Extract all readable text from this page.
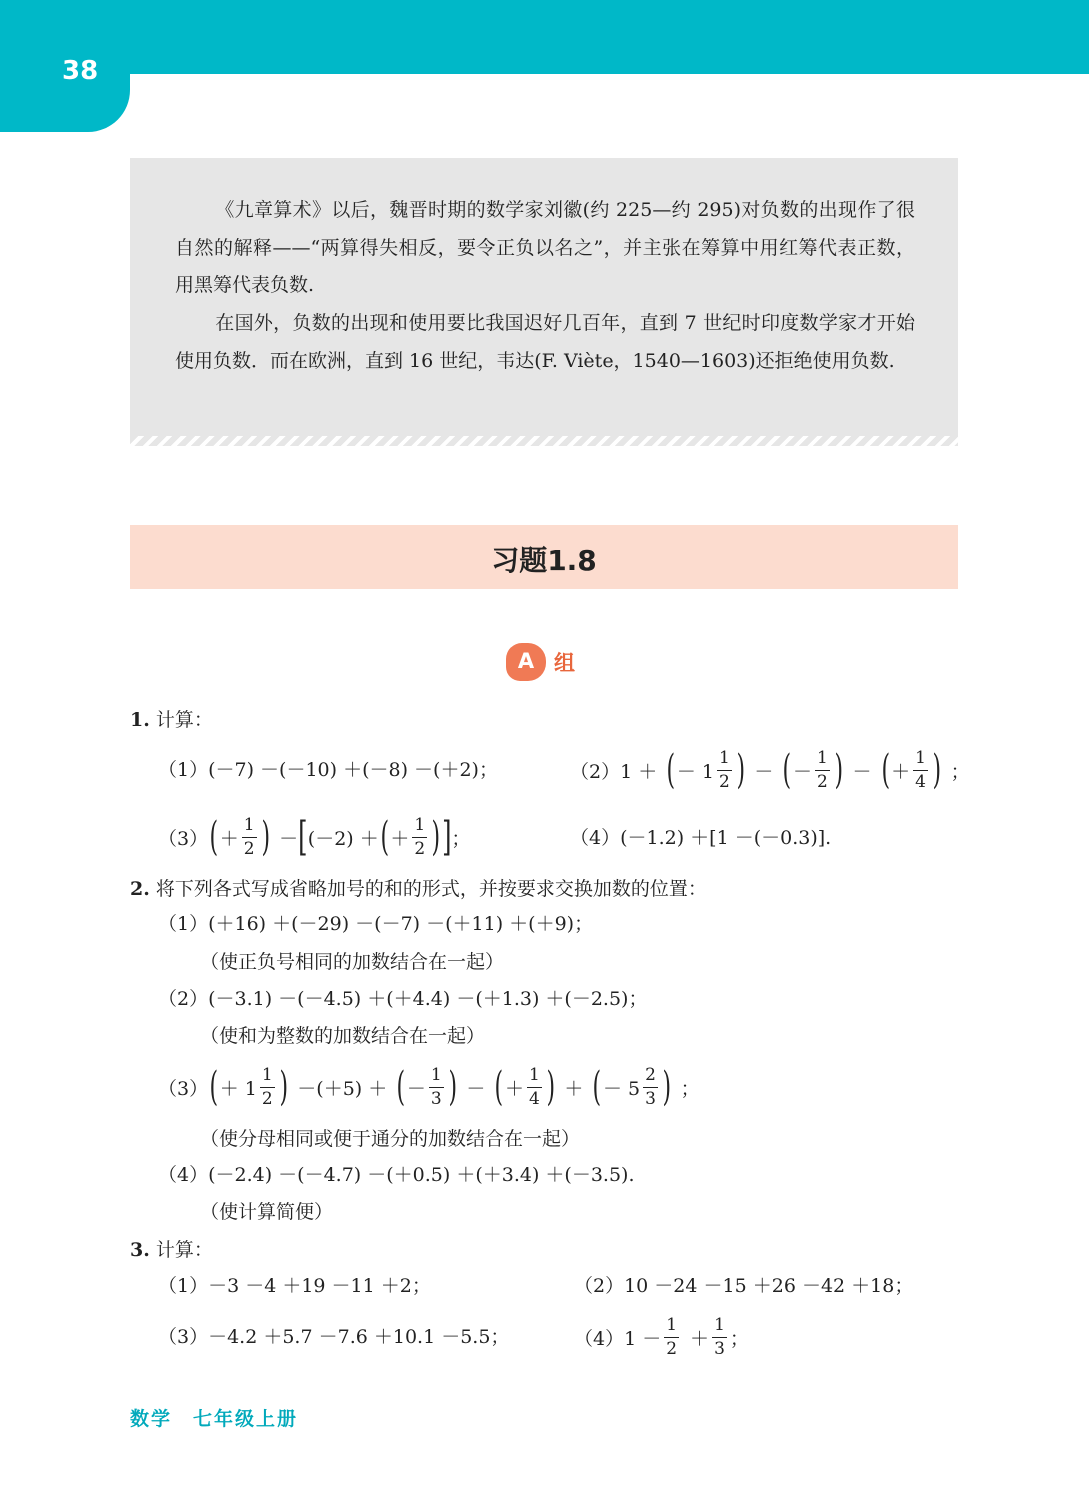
38
《九章算术》以后，魏晋时期的数学家刘徽(约 225—约 295)对负数的出现作了很自然的解释——“两算得失相反，要令正负以名之”，并主张在筹算中用红筹代表正数，用黑筹代表负数.
在国外，负数的出现和使用要比我国迟好几百年，直到 7 世纪时印度数学家才开始使用负数．而在欧洲，直到 16 世纪，韦达(F. Viète，1540—1603)还拒绝使用负数.
习题1.8
A 组
1. 计算：
（1）(－7) －(－10) ＋(－8) －(＋2)；	（2）1 ＋ ( － $1 \frac{1}{2}$ ) － ( － $\frac{1}{2}$ ) － ( ＋ $\frac{1}{4}$ ) ；
（3） ( ＋ $\frac{1}{2}$ ) － [ (－2) ＋ ( ＋ $\frac{1}{2}$ ) ] ；	（4）(－1.2) ＋[1 －(－0.3)].
2. 将下列各式写成省略加号的和的形式，并按要求交换加数的位置：
（1）(＋16) ＋(－29) －(－7) －(＋11) ＋(＋9)；
（使正负号相同的加数结合在一起）
（2）(－3.1) －(－4.5) ＋(＋4.4) －(＋1.3) ＋(－2.5)；
（使和为整数的加数结合在一起）
（3） ( ＋ $1 \frac{1}{2}$ ) －(＋5) ＋ ( － $\frac{1}{3}$ ) － ( ＋ $\frac{1}{4}$ ) ＋ ( － $5 \frac{2}{3}$ ) ；
（使分母相同或便于通分的加数结合在一起）
（4）(－2.4) －(－4.7) －(＋0.5) ＋(＋3.4) ＋(－3.5).
（使计算简便）
3. 计算：
（1）－3 －4 ＋19 －11 ＋2；	（2）10 －24 －15 ＋26 －42 ＋18；
（3）－4.2 ＋5.7 －7.6 ＋10.1 －5.5；	$(4)1 - \frac{1}{2} + \frac{1}{3}$ ；
数学　七年级上册
